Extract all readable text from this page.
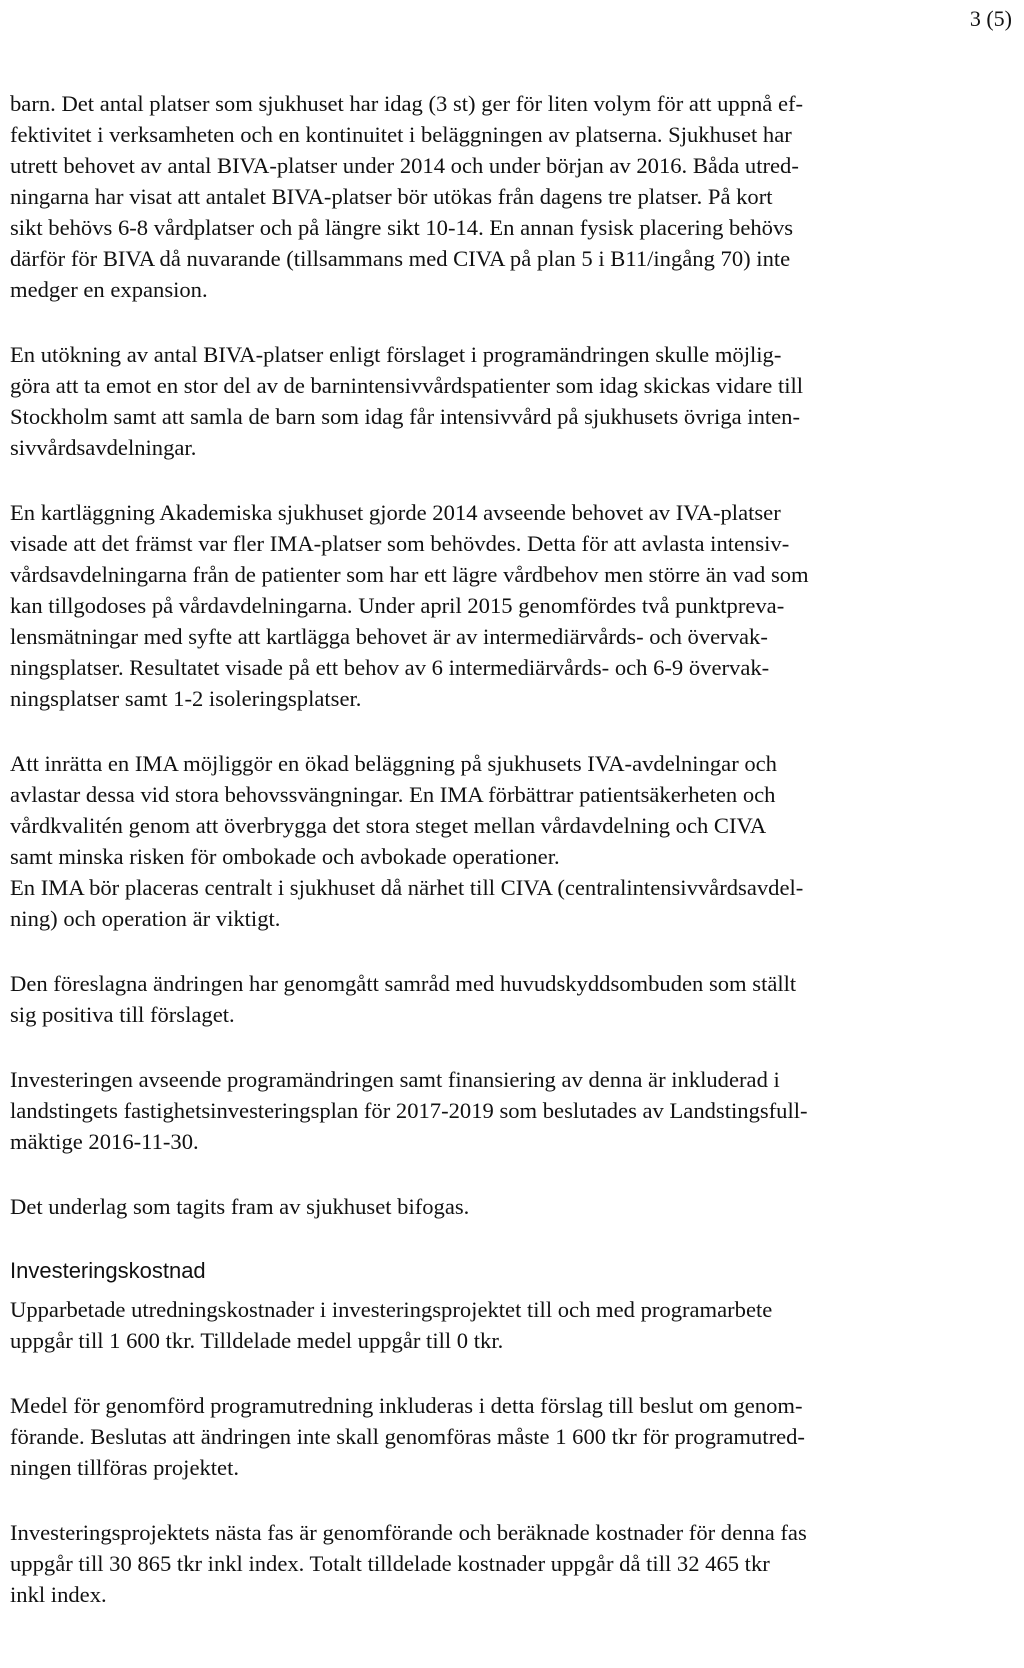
3 (5)

barn. Det antal platser som sjukhuset har idag (3 st) ger för liten volym för att uppnå ef-
fektivitet i verksamheten och en kontinuitet i beläggningen av platserna. Sjukhuset har
utrett behovet av antal BIVA-platser under 2014 och under början av 2016. Båda utred-
ningarna har visat att antalet BIVA-platser bör utökas från dagens tre platser. På kort
sikt behövs 6-8 vårdplatser och på längre sikt 10-14. En annan fysisk placering behövs
därför för BIVA då nuvarande (tillsammans med CIVA på plan 5 i B11/ingång 70) inte
medger en expansion.

En utökning av antal BIVA-platser enligt förslaget i programändringen skulle möjlig-
göra att ta emot en stor del av de barnintensivvårdspatienter som idag skickas vidare till
Stockholm samt att samla de barn som idag får intensivvård på sjukhusets övriga inten-
sivvårdsavdelningar.

En kartläggning Akademiska sjukhuset gjorde 2014 avseende behovet av IVA-platser
visade att det främst var fler IMA-platser som behövdes. Detta för att avlasta intensiv-
vårdsavdelningarna från de patienter som har ett lägre vårdbehov men större än vad som
kan tillgodoses på vårdavdelningarna. Under april 2015 genomfördes två punktpreva-
lensmätningar med syfte att kartlägga behovet är av intermediärvårds- och övervak-
ningsplatser. Resultatet visade på ett behov av 6 intermediärvårds- och 6-9 övervak-
ningsplatser samt 1-2 isoleringsplatser.

Att inrätta en IMA möjliggör en ökad beläggning på sjukhusets IVA-avdelningar och
avlastar dessa vid stora behovssvängningar. En IMA förbättrar patientsäkerheten och
vårdkvalitén genom att överbrygga det stora steget mellan vårdavdelning och CIVA
samt minska risken för ombokade och avbokade operationer.

En IMA bör placeras centralt i sjukhuset då närhet till CIVA (centralintensivvårdsavdel-
ning) och operation är viktigt.

Den föreslagna ändringen har genomgått samråd med huvudskyddsombuden som ställt
sig positiva till förslaget.

Investeringen avseende programändringen samt finansiering av denna är inkluderad i
landstingets fastighetsinvesteringsplan för 2017-2019 som beslutades av Landstingsfull-
mäktige 2016-11-30.

Det underlag som tagits fram av sjukhuset bifogas.

Investeringskostnad

Upparbetade utredningskostnader i investeringsprojektet till och med programarbete
uppgår till 1 600 tkr. Tilldelade medel uppgår till 0 tkr.

Medel för genomförd programutredning inkluderas i detta förslag till beslut om genom-
förande. Beslutas att ändringen inte skall genomföras måste 1 600 tkr för programutred-
ningen tillföras projektet.

Investeringsprojektets nästa fas är genomförande och beräknade kostnader för denna fas
uppgår till 30 865 tkr inkl index. Totalt tilldelade kostnader uppgår då till 32 465 tkr
inkl index.
